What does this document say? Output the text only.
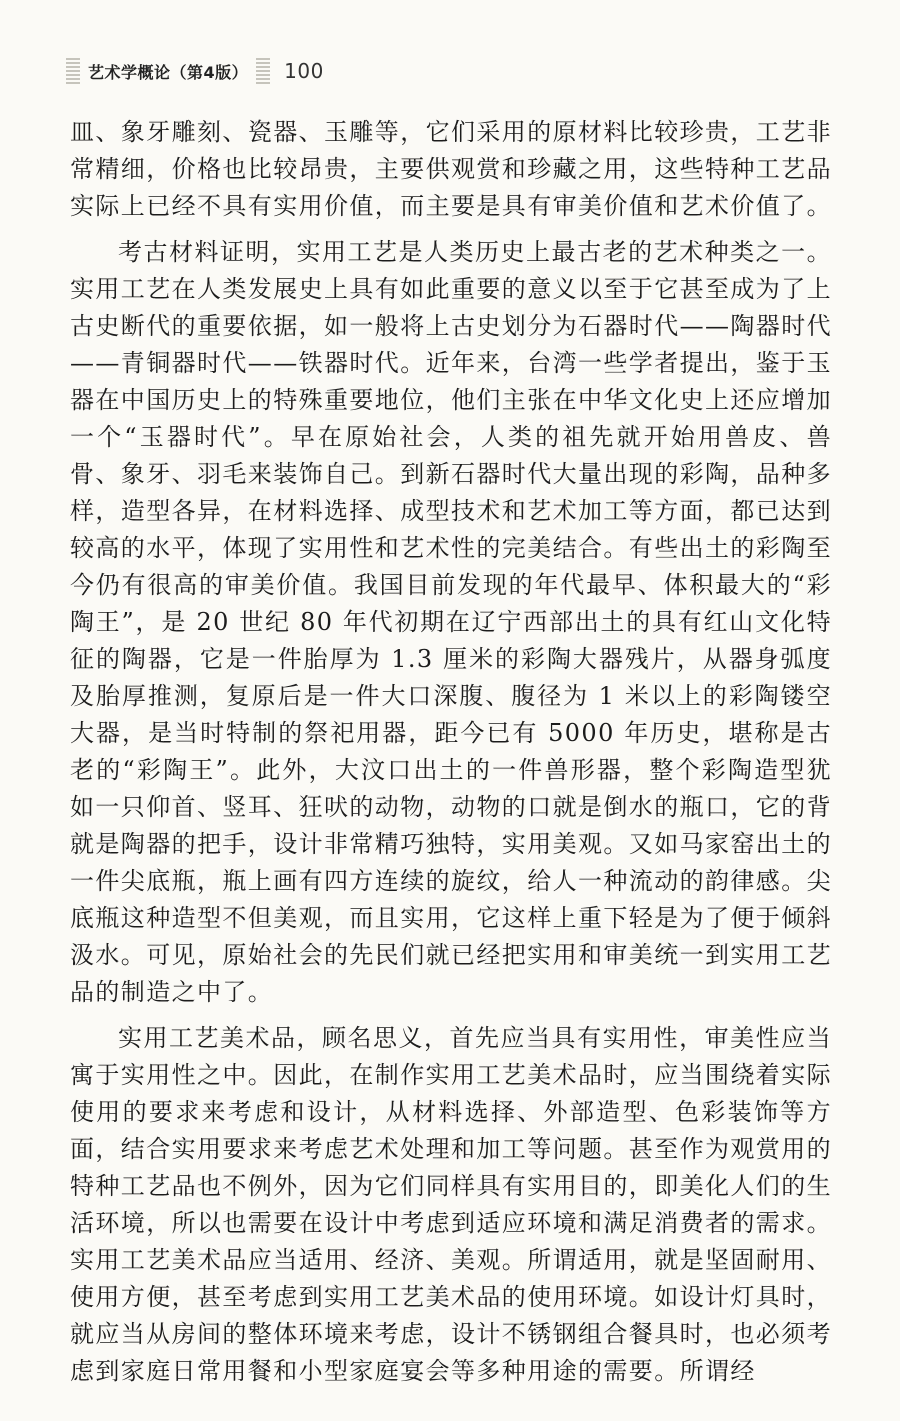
艺术学概论（第4版） 100

皿、象牙雕刻、瓷器、玉雕等，它们采用的原材料比较珍贵，工艺非常精细，价格也比较昂贵，主要供观赏和珍藏之用，这些特种工艺品实际上已经不具有实用价值，而主要是具有审美价值和艺术价值了。

考古材料证明，实用工艺是人类历史上最古老的艺术种类之一。实用工艺在人类发展史上具有如此重要的意义以至于它甚至成为了上古史断代的重要依据，如一般将上古史划分为石器时代——陶器时代——青铜器时代——铁器时代。近年来，台湾一些学者提出，鉴于玉器在中国历史上的特殊重要地位，他们主张在中华文化史上还应增加一个“玉器时代”。早在原始社会，人类的祖先就开始用兽皮、兽骨、象牙、羽毛来装饰自己。到新石器时代大量出现的彩陶，品种多样，造型各异，在材料选择、成型技术和艺术加工等方面，都已达到较高的水平，体现了实用性和艺术性的完美结合。有些出土的彩陶至今仍有很高的审美价值。我国目前发现的年代最早、体积最大的“彩陶王”，是 20 世纪 80 年代初期在辽宁西部出土的具有红山文化特征的陶器，它是一件胎厚为 1.3 厘米的彩陶大器残片，从器身弧度及胎厚推测，复原后是一件大口深腹、腹径为 1 米以上的彩陶镂空大器，是当时特制的祭祀用器，距今已有 5000 年历史，堪称是古老的“彩陶王”。此外，大汶口出土的一件兽形器，整个彩陶造型犹如一只仰首、竖耳、狂吠的动物，动物的口就是倒水的瓶口，它的背就是陶器的把手，设计非常精巧独特，实用美观。又如马家窑出土的一件尖底瓶，瓶上画有四方连续的旋纹，给人一种流动的韵律感。尖底瓶这种造型不但美观，而且实用，它这样上重下轻是为了便于倾斜汲水。可见，原始社会的先民们就已经把实用和审美统一到实用工艺品的制造之中了。

实用工艺美术品，顾名思义，首先应当具有实用性，审美性应当寓于实用性之中。因此，在制作实用工艺美术品时，应当围绕着实际使用的要求来考虑和设计，从材料选择、外部造型、色彩装饰等方面，结合实用要求来考虑艺术处理和加工等问题。甚至作为观赏用的特种工艺品也不例外，因为它们同样具有实用目的，即美化人们的生活环境，所以也需要在设计中考虑到适应环境和满足消费者的需求。实用工艺美术品应当适用、经济、美观。所谓适用，就是坚固耐用、使用方便，甚至考虑到实用工艺美术品的使用环境。如设计灯具时，就应当从房间的整体环境来考虑，设计不锈钢组合餐具时，也必须考虑到家庭日常用餐和小型家庭宴会等多种用途的需要。所谓经
